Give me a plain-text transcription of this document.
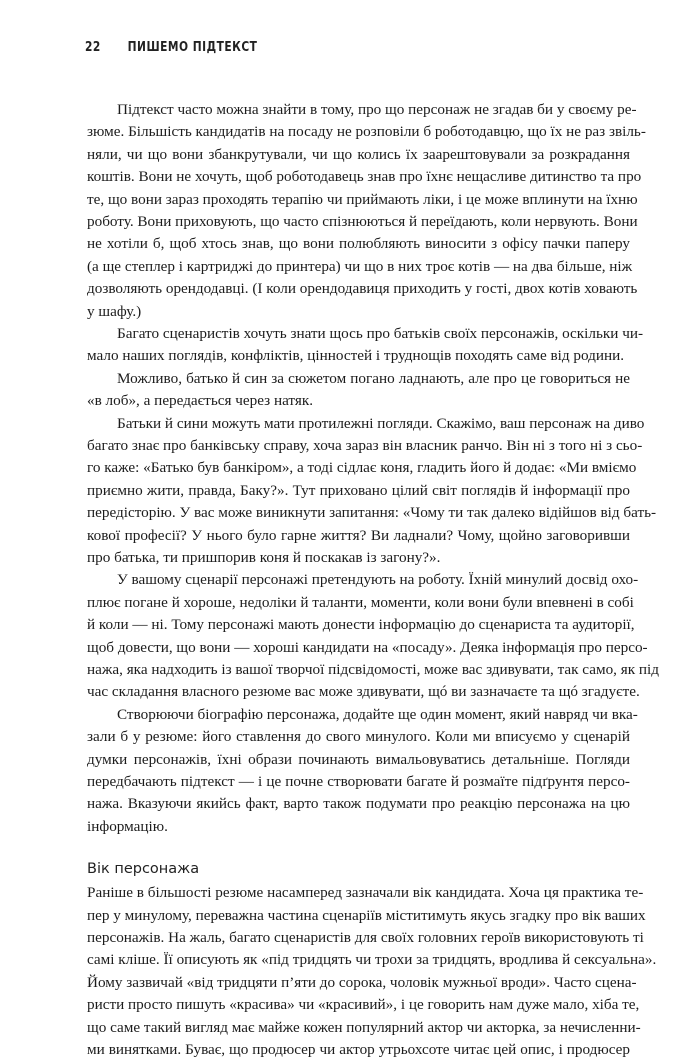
22 ПИШЕМО ПІДТЕКСТ
Підтекст часто можна знайти в тому, про що персонаж не згадав би у своєму ре-
зюме. Більшість кандидатів на посаду не розповіли б роботодавцю, що їх не раз звіль-
няли, чи що вони збанкрутували, чи що колись їх заарештовували за розкрадання
коштів. Вони не хочуть, щоб роботодавець знав про їхнє нещасливе дитинство та про
те, що вони зараз проходять терапію чи приймають ліки, і це може вплинути на їхню
роботу. Вони приховують, що часто спізнюються й переїдають, коли нервують. Вони
не хотіли б, щоб хтось знав, що вони полюбляють виносити з офісу пачки паперу
(а ще степлер і картриджі до принтера) чи що в них троє котів — на два більше, ніж
дозволяють орендодавці. (І коли орендодавиця приходить у гості, двох котів ховають
у шафу.)
Багато сценаристів хочуть знати щось про батьків своїх персонажів, оскільки чи-
мало наших поглядів, конфліктів, цінностей і труднощів походять саме від родини.
Можливо, батько й син за сюжетом погано ладнають, але про це говориться не
«в лоб», а передається через натяк.
Батьки й сини можуть мати протилежні погляди. Скажімо, ваш персонаж на диво
багато знає про банківську справу, хоча зараз він власник ранчо. Він ні з того ні з сьо-
го каже: «Батько був банкіром», а тоді сідлає коня, гладить його й додає: «Ми вміємо
приємно жити, правда, Баку?». Тут приховано цілий світ поглядів й інформації про
передісторію. У вас може виникнути запитання: «Чому ти так далеко відійшов від бать-
кової професії? У нього було гарне життя? Ви ладнали? Чому, щойно заговоривши
про батька, ти пришпорив коня й поскакав із загону?».
У вашому сценарії персонажі претендують на роботу. Їхній минулий досвід охо-
плює погане й хороше, недоліки й таланти, моменти, коли вони були впевнені в собі
й коли — ні. Тому персонажі мають донести інформацію до сценариста та аудиторії,
щоб довести, що вони — хороші кандидати на «посаду». Деяка інформація про персо-
нажа, яка надходить із вашої творчої підсвідомості, може вас здивувати, так само, як під
час складання власного резюме вас може здивувати, щó ви зазначаєте та щó згадуєте.
Створюючи біографію персонажа, додайте ще один момент, який навряд чи вка-
зали б у резюме: його ставлення до свого минулого. Коли ми вписуємо у сценарій
думки персонажів, їхні образи починають вимальовуватись детальніше. Погляди
передбачають підтекст — і це почне створювати багате й розмаїте підґрунтя персо-
нажа. Вказуючи якийсь факт, варто також подумати про реакцію персонажа на цю
інформацію.
Раніше в більшості резюме насамперед зазначали вік кандидата. Хоча ця практика те-
пер у минулому, переважна частина сценаріїв міститимуть якусь згадку про вік ваших
персонажів. На жаль, багато сценаристів для своїх головних героїв використовують ті
самі кліше. Її описують як «під тридцять чи трохи за тридцять, вродлива й сексуальна».
Йому зазвичай «від тридцяти п’яти до сорока, чоловік мужньої вроди». Часто сцена-
ристи просто пишуть «красива» чи «красивий», і це говорить нам дуже мало, хіба те,
що саме такий вигляд має майже кожен популярний актор чи акторка, за нечисленни-
ми винятками. Буває, що продюсер чи актор утрьохсоте читає цей опис, і продюсер
Вік персонажа
